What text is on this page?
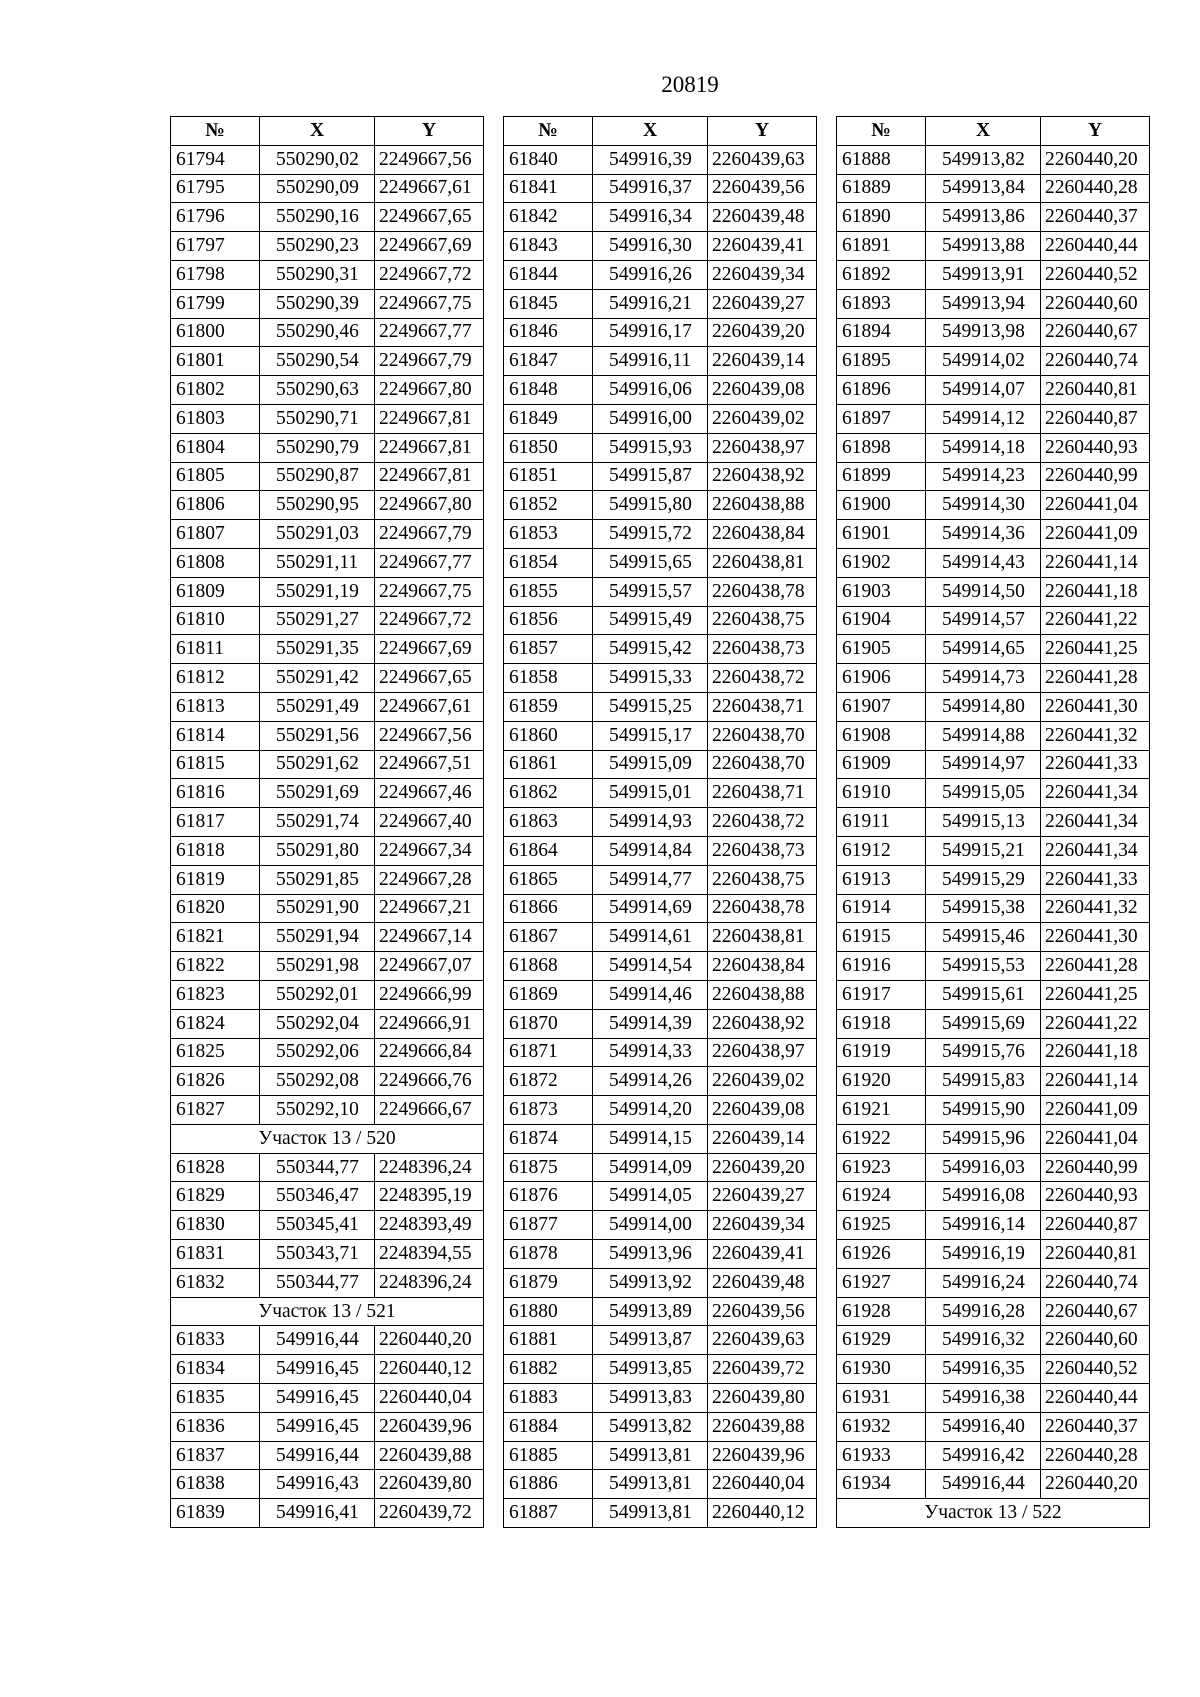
20819
№	X	Y
61794	550290,02	2249667,56
61795	550290,09	2249667,61
61796	550290,16	2249667,65
61797	550290,23	2249667,69
61798	550290,31	2249667,72
61799	550290,39	2249667,75
61800	550290,46	2249667,77
61801	550290,54	2249667,79
61802	550290,63	2249667,80
61803	550290,71	2249667,81
61804	550290,79	2249667,81
61805	550290,87	2249667,81
61806	550290,95	2249667,80
61807	550291,03	2249667,79
61808	550291,11	2249667,77
61809	550291,19	2249667,75
61810	550291,27	2249667,72
61811	550291,35	2249667,69
61812	550291,42	2249667,65
61813	550291,49	2249667,61
61814	550291,56	2249667,56
61815	550291,62	2249667,51
61816	550291,69	2249667,46
61817	550291,74	2249667,40
61818	550291,80	2249667,34
61819	550291,85	2249667,28
61820	550291,90	2249667,21
61821	550291,94	2249667,14
61822	550291,98	2249667,07
61823	550292,01	2249666,99
61824	550292,04	2249666,91
61825	550292,06	2249666,84
61826	550292,08	2249666,76
61827	550292,10	2249666,67
Участок 13 / 520		
61828	550344,77	2248396,24
61829	550346,47	2248395,19
61830	550345,41	2248393,49
61831	550343,71	2248394,55
61832	550344,77	2248396,24
Участок 13 / 521		
61833	549916,44	2260440,20
61834	549916,45	2260440,12
61835	549916,45	2260440,04
61836	549916,45	2260439,96
61837	549916,44	2260439,88
61838	549916,43	2260439,80
61839	549916,41	2260439,72
№	X	Y
61840	549916,39	2260439,63
61841	549916,37	2260439,56
61842	549916,34	2260439,48
61843	549916,30	2260439,41
61844	549916,26	2260439,34
61845	549916,21	2260439,27
61846	549916,17	2260439,20
61847	549916,11	2260439,14
61848	549916,06	2260439,08
61849	549916,00	2260439,02
61850	549915,93	2260438,97
61851	549915,87	2260438,92
61852	549915,80	2260438,88
61853	549915,72	2260438,84
61854	549915,65	2260438,81
61855	549915,57	2260438,78
61856	549915,49	2260438,75
61857	549915,42	2260438,73
61858	549915,33	2260438,72
61859	549915,25	2260438,71
61860	549915,17	2260438,70
61861	549915,09	2260438,70
61862	549915,01	2260438,71
61863	549914,93	2260438,72
61864	549914,84	2260438,73
61865	549914,77	2260438,75
61866	549914,69	2260438,78
61867	549914,61	2260438,81
61868	549914,54	2260438,84
61869	549914,46	2260438,88
61870	549914,39	2260438,92
61871	549914,33	2260438,97
61872	549914,26	2260439,02
61873	549914,20	2260439,08
61874	549914,15	2260439,14
61875	549914,09	2260439,20
61876	549914,05	2260439,27
61877	549914,00	2260439,34
61878	549913,96	2260439,41
61879	549913,92	2260439,48
61880	549913,89	2260439,56
61881	549913,87	2260439,63
61882	549913,85	2260439,72
61883	549913,83	2260439,80
61884	549913,82	2260439,88
61885	549913,81	2260439,96
61886	549913,81	2260440,04
61887	549913,81	2260440,12
№	X	Y
61888	549913,82	2260440,20
61889	549913,84	2260440,28
61890	549913,86	2260440,37
61891	549913,88	2260440,44
61892	549913,91	2260440,52
61893	549913,94	2260440,60
61894	549913,98	2260440,67
61895	549914,02	2260440,74
61896	549914,07	2260440,81
61897	549914,12	2260440,87
61898	549914,18	2260440,93
61899	549914,23	2260440,99
61900	549914,30	2260441,04
61901	549914,36	2260441,09
61902	549914,43	2260441,14
61903	549914,50	2260441,18
61904	549914,57	2260441,22
61905	549914,65	2260441,25
61906	549914,73	2260441,28
61907	549914,80	2260441,30
61908	549914,88	2260441,32
61909	549914,97	2260441,33
61910	549915,05	2260441,34
61911	549915,13	2260441,34
61912	549915,21	2260441,34
61913	549915,29	2260441,33
61914	549915,38	2260441,32
61915	549915,46	2260441,30
61916	549915,53	2260441,28
61917	549915,61	2260441,25
61918	549915,69	2260441,22
61919	549915,76	2260441,18
61920	549915,83	2260441,14
61921	549915,90	2260441,09
61922	549915,96	2260441,04
61923	549916,03	2260440,99
61924	549916,08	2260440,93
61925	549916,14	2260440,87
61926	549916,19	2260440,81
61927	549916,24	2260440,74
61928	549916,28	2260440,67
61929	549916,32	2260440,60
61930	549916,35	2260440,52
61931	549916,38	2260440,44
61932	549916,40	2260440,37
61933	549916,42	2260440,28
61934	549916,44	2260440,20
Участок 13 / 522		
